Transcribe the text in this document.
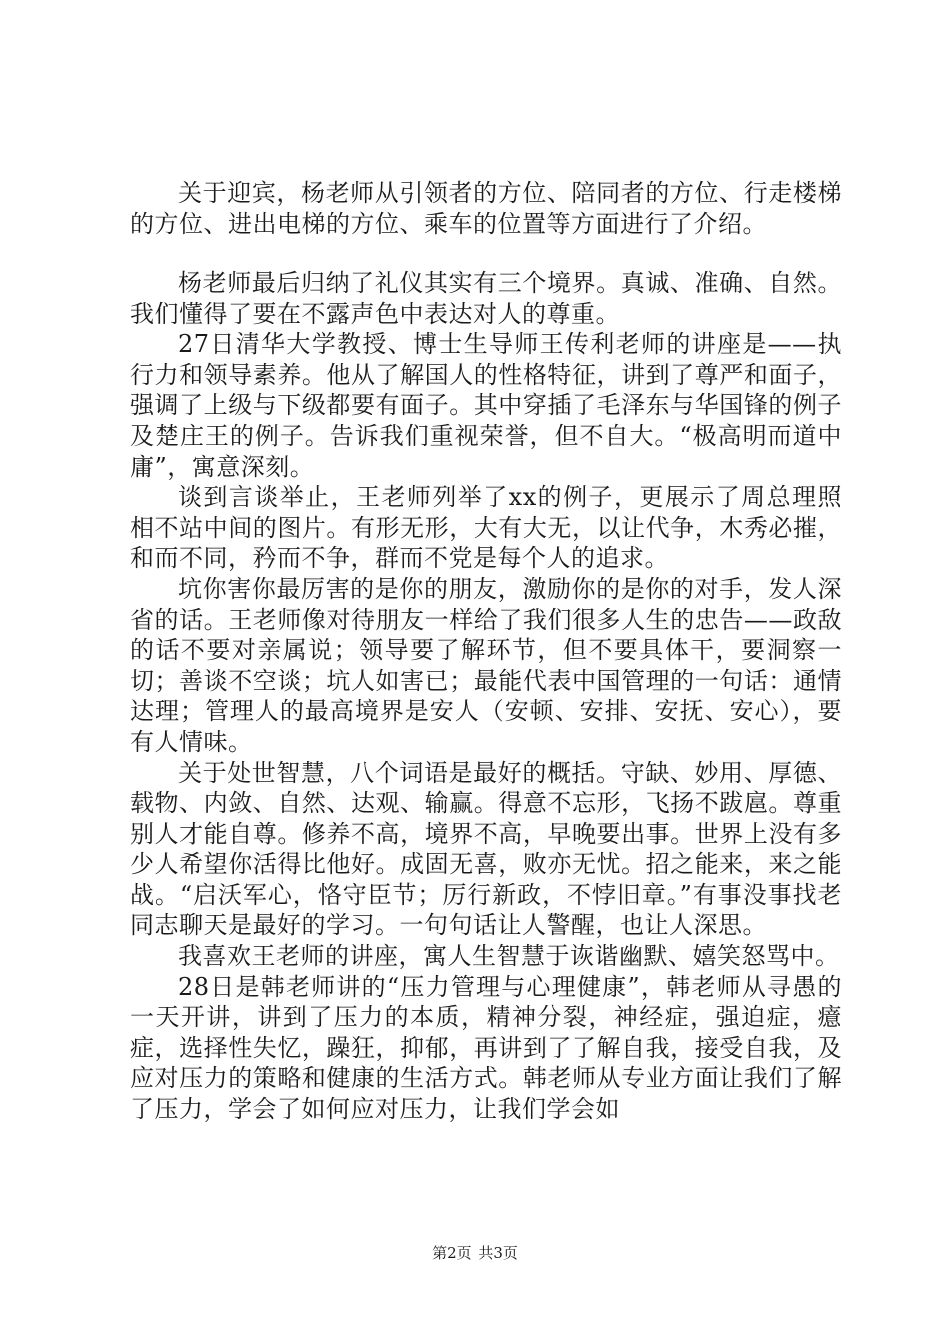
关于迎宾，杨老师从引领者的方位、陪同者的方位、行走楼梯的方位、进出电梯的方位、乘车的位置等方面进行了介绍。

杨老师最后归纳了礼仪其实有三个境界。真诚、准确、自然。我们懂得了要在不露声色中表达对人的尊重。

27日清华大学教授、博士生导师王传利老师的讲座是——执行力和领导素养。他从了解国人的性格特征，讲到了尊严和面子，强调了上级与下级都要有面子。其中穿插了毛泽东与华国锋的例子及楚庄王的例子。告诉我们重视荣誉，但不自大。“极高明而道中庸”，寓意深刻。

谈到言谈举止，王老师列举了xx的例子，更展示了周总理照相不站中间的图片。有形无形，大有大无，以让代争，木秀必摧，和而不同，矜而不争，群而不党是每个人的追求。

坑你害你最厉害的是你的朋友，激励你的是你的对手，发人深省的话。王老师像对待朋友一样给了我们很多人生的忠告——政敌的话不要对亲属说；领导要了解环节，但不要具体干，要洞察一切；善谈不空谈；坑人如害已；最能代表中国管理的一句话：通情达理；管理人的最高境界是安人（安顿、安排、安抚、安心），要有人情味。

关于处世智慧，八个词语是最好的概括。守缺、妙用、厚德、载物、内敛、自然、达观、输赢。得意不忘形，飞扬不跋扈。尊重别人才能自尊。修养不高，境界不高，早晚要出事。世界上没有多少人希望你活得比他好。成固无喜，败亦无忧。招之能来，来之能战。“启沃军心，恪守臣节；厉行新政，不悖旧章。”有事没事找老同志聊天是最好的学习。一句句话让人警醒，也让人深思。

我喜欢王老师的讲座，寓人生智慧于诙谐幽默、嬉笑怒骂中。

28日是韩老师讲的“压力管理与心理健康”，韩老师从寻愚的一天开讲，讲到了压力的本质，精神分裂，神经症，强迫症，癔症，选择性失忆，躁狂，抑郁，再讲到了了解自我，接受自我，及应对压力的策略和健康的生活方式。韩老师从专业方面让我们了解了压力，学会了如何应对压力，让我们学会如

第2页 共3页
